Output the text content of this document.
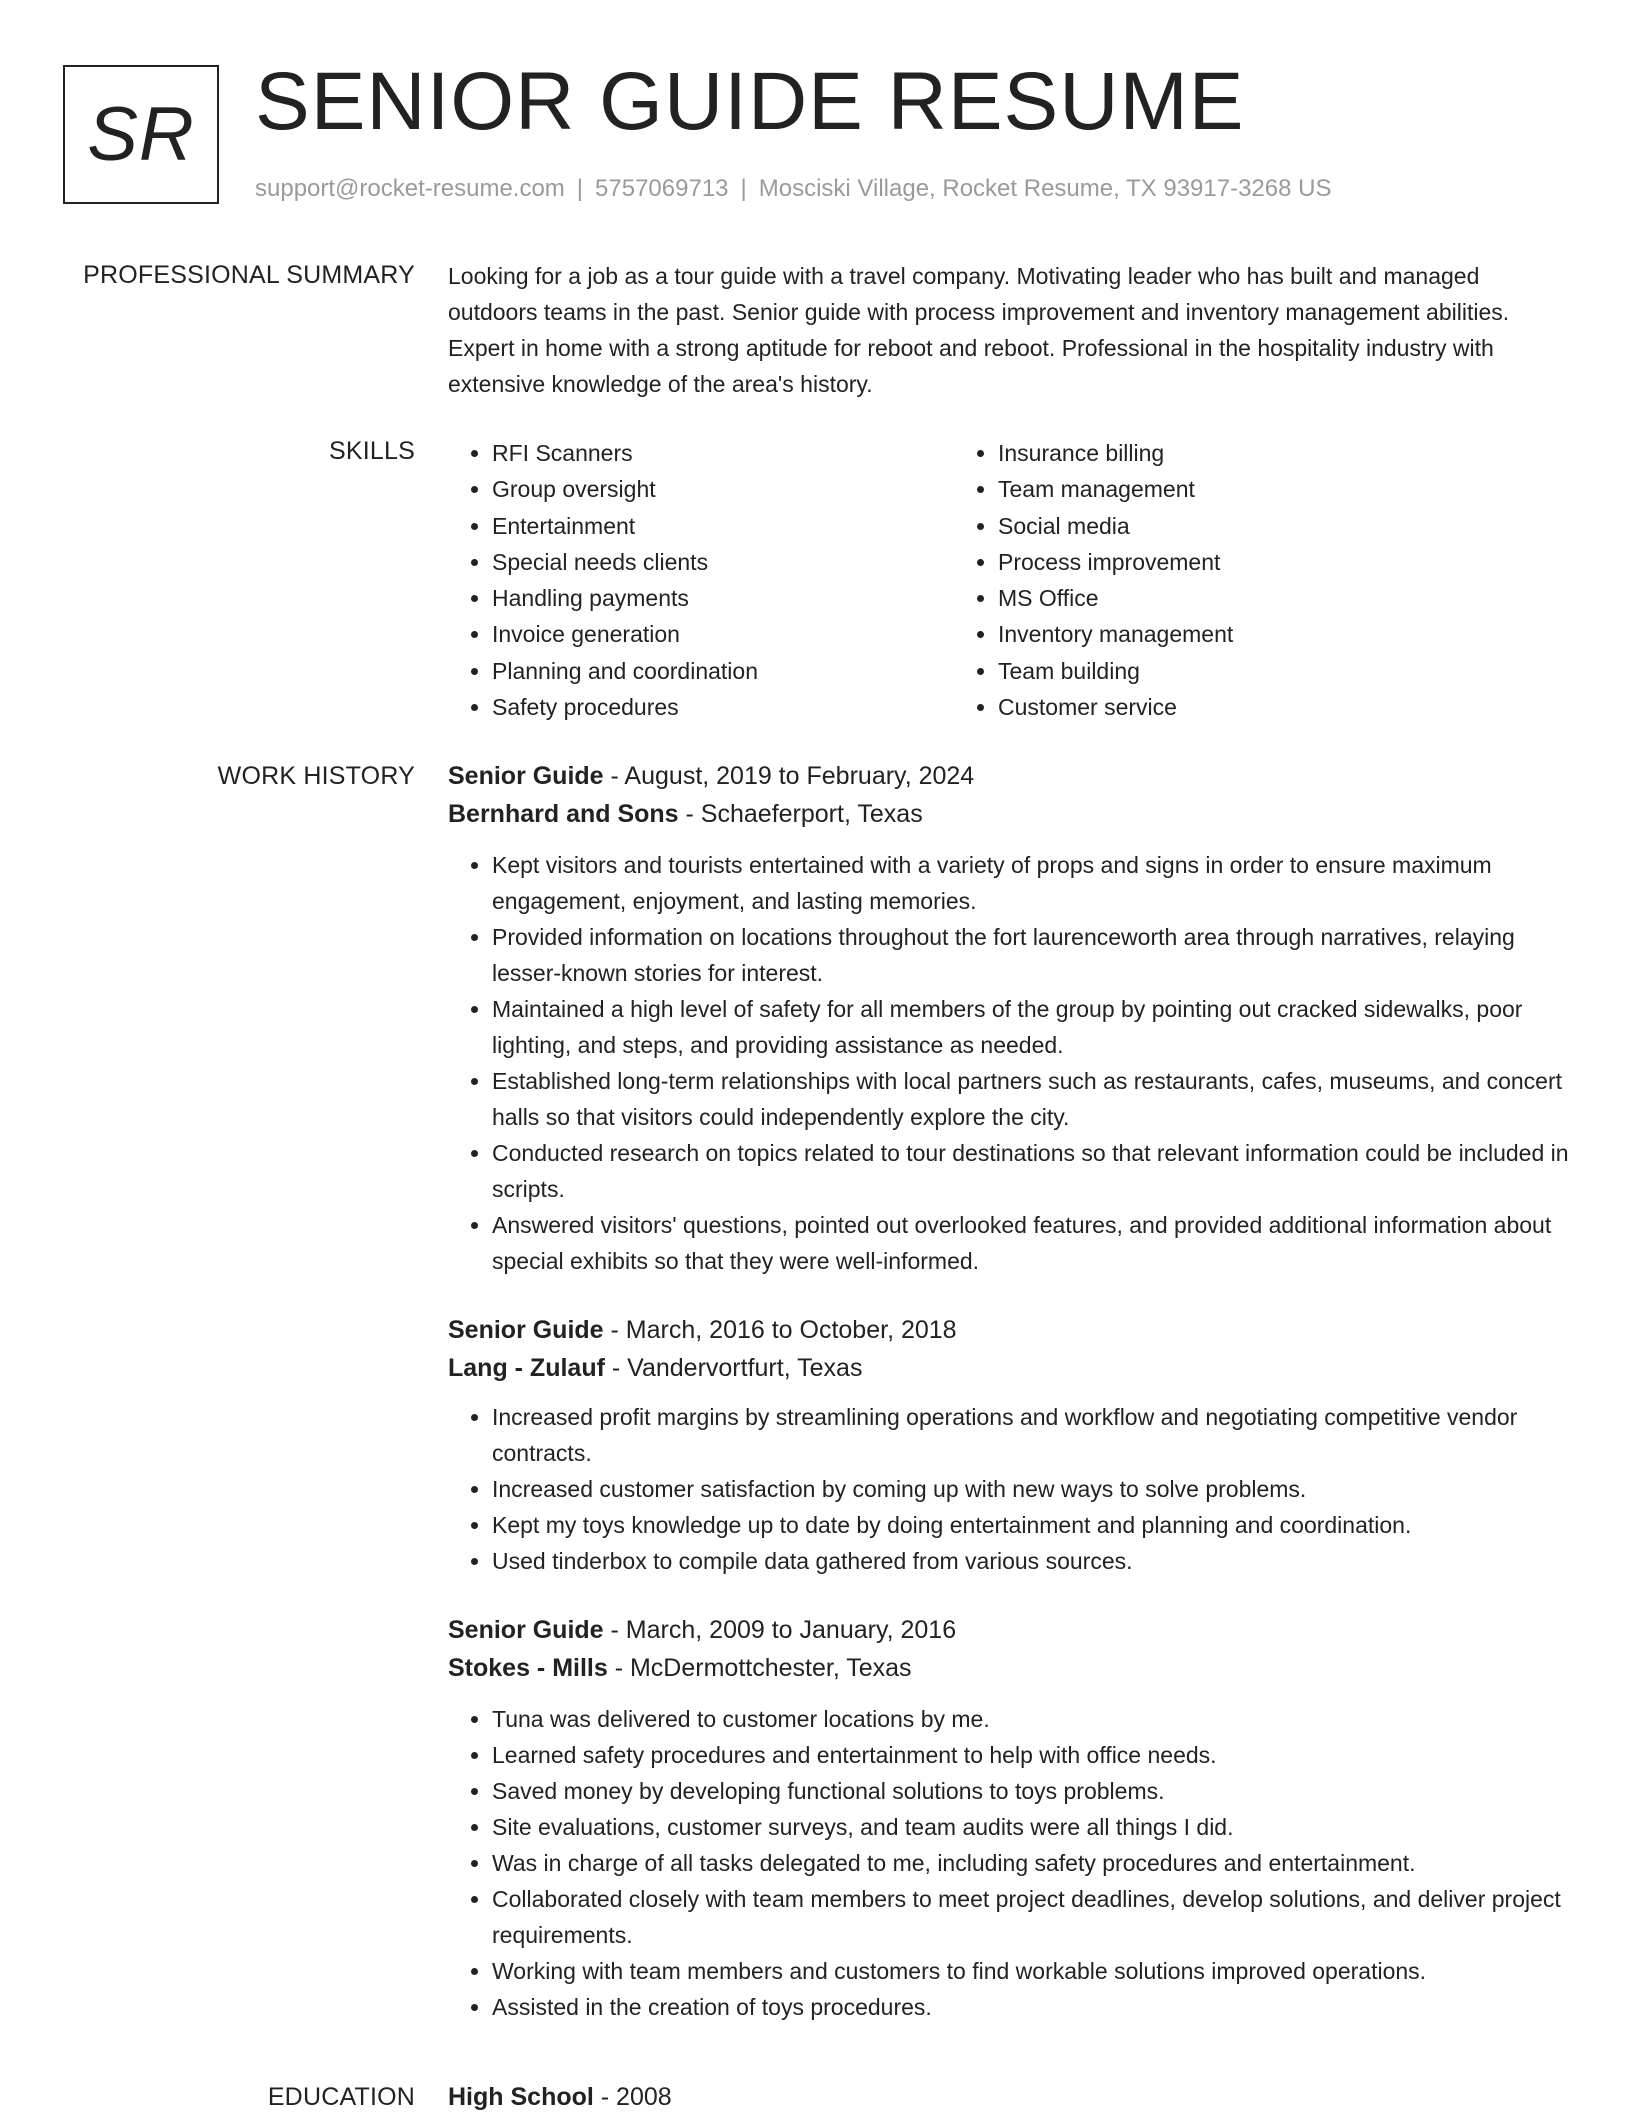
SR SENIOR GUIDE RESUME
support@rocket-resume.com | 5757069713 | Mosciski Village, Rocket Resume, TX 93917-3268 US
PROFESSIONAL SUMMARY Looking for a job as a tour guide with a travel company. Motivating leader who has built and managed outdoors teams in the past. Senior guide with process improvement and inventory management abilities. Expert in home with a strong aptitude for reboot and reboot. Professional in the hospitality industry with extensive knowledge of the area's history.

SKILLS
•	RFI Scanners
• Group oversight
• Entertainment
• Special needs clients
• Handling payments
• Invoice generation
• Planning and coordination
• Safety procedures
• Insurance billing
• Team management
• Social media
• Process improvement
• MS Office
• Inventory management
• Team building
• Customer service
WORK HISTORY Senior Guide - August, 2019 to February, 2024
Bernhard and Sons - Schaeferport, Texas
• Kept visitors and tourists entertained with a variety of props and signs in order to ensure maximum engagement, enjoyment, and lasting memories.
• Provided information on locations throughout the fort laurenceworth area through narratives, relaying lesser-known stories for interest.
• Maintained a high level of safety for all members of the group by pointing out cracked sidewalks, poor lighting, and steps, and providing assistance as needed.
• Established long-term relationships with local partners such as restaurants, cafes, museums, and concert halls so that visitors could independently explore the city.
• Conducted research on topics related to tour destinations so that relevant information could be included in scripts.
• Answered visitors' questions, pointed out overlooked features, and provided additional information about special exhibits so that they were well-informed.
Senior Guide - March, 2016 to October, 2018
Lang - Zulauf - Vandervortfurt, Texas
• Increased profit margins by streamlining operations and workflow and negotiating competitive vendor contracts.
• Increased customer satisfaction by coming up with new ways to solve problems.
• Kept my toys knowledge up to date by doing entertainment and planning and coordination.
• Used tinderbox to compile data gathered from various sources.
Senior Guide - March, 2009 to January, 2016
Stokes - Mills - McDermottchester, Texas
• Tuna was delivered to customer locations by me.
• Learned safety procedures and entertainment to help with office needs.
• Saved money by developing functional solutions to toys problems.
• Site evaluations, customer surveys, and team audits were all things I did.
• Was in charge of all tasks delegated to me, including safety procedures and entertainment.
• Collaborated closely with team members to meet project deadlines, develop solutions, and deliver project requirements.
• Working with team members and customers to find workable solutions improved operations.
• Assisted in the creation of toys procedures.
EDUCATION High School - 2008
